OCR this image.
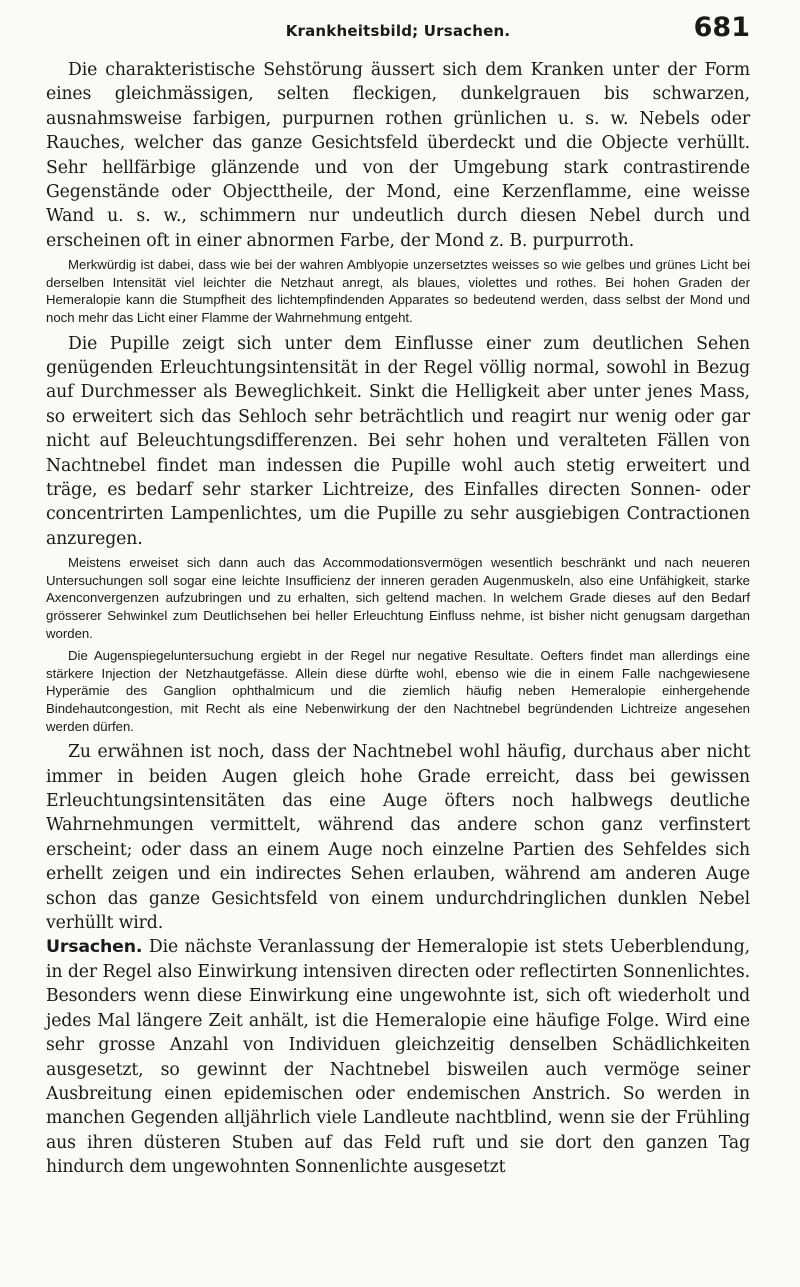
Krankheitsbild; Ursachen.	681

Die charakteristische Sehstörung äussert sich dem Kranken unter der Form eines gleichmässigen, selten fleckigen, dunkelgrauen bis schwarzen, ausnahmsweise farbigen, purpurnen rothen grünlichen u. s. w. Nebels oder Rauches, welcher das ganze Gesichtsfeld überdeckt und die Objecte verhüllt. Sehr hellfärbige glänzende und von der Umgebung stark contrastirende Gegenstände oder Objecttheile, der Mond, eine Kerzenflamme, eine weisse Wand u. s. w., schimmern nur undeutlich durch diesen Nebel durch und erscheinen oft in einer abnormen Farbe, der Mond z. B. purpurroth.

Merkwürdig ist dabei, dass wie bei der wahren Amblyopie unzersetztes weisses so wie gelbes und grünes Licht bei derselben Intensität viel leichter die Netzhaut anregt, als blaues, violettes und rothes. Bei hohen Graden der Hemeralopie kann die Stumpfheit des lichtempfindenden Apparates so bedeutend werden, dass selbst der Mond und noch mehr das Licht einer Flamme der Wahrnehmung entgeht.

Die Pupille zeigt sich unter dem Einflusse einer zum deutlichen Sehen genügenden Erleuchtungsintensität in der Regel völlig normal, sowohl in Bezug auf Durchmesser als Beweglichkeit. Sinkt die Helligkeit aber unter jenes Mass, so erweitert sich das Sehloch sehr beträchtlich und reagirt nur wenig oder gar nicht auf Beleuchtungsdifferenzen. Bei sehr hohen und veralteten Fällen von Nachtnebel findet man indessen die Pupille wohl auch stetig erweitert und träge, es bedarf sehr starker Lichtreize, des Einfalles directen Sonnen- oder concentrirten Lampenlichtes, um die Pupille zu sehr ausgiebigen Contractionen anzuregen.

Meistens erweiset sich dann auch das Accommodationsvermögen wesentlich beschränkt und nach neueren Untersuchungen soll sogar eine leichte Insufficienz der inneren geraden Augenmuskeln, also eine Unfähigkeit, starke Axenconvergenzen aufzubringen und zu erhalten, sich geltend machen. In welchem Grade dieses auf den Bedarf grösserer Sehwinkel zum Deutlichsehen bei heller Erleuchtung Einfluss nehme, ist bisher nicht genugsam dargethan worden.

Die Augenspiegeluntersuchung ergiebt in der Regel nur negative Resultate. Oefters findet man allerdings eine stärkere Injection der Netzhautgefässe. Allein diese dürfte wohl, ebenso wie die in einem Falle nachgewiesene Hyperämie des Ganglion ophthalmicum und die ziemlich häufig neben Hemeralopie einhergehende Bindehautcongestion, mit Recht als eine Nebenwirkung der den Nachtnebel begründenden Lichtreize angesehen werden dürfen.

Zu erwähnen ist noch, dass der Nachtnebel wohl häufig, durchaus aber nicht immer in beiden Augen gleich hohe Grade erreicht, dass bei gewissen Erleuchtungsintensitäten das eine Auge öfters noch halbwegs deutliche Wahrnehmungen vermittelt, während das andere schon ganz verfinstert erscheint; oder dass an einem Auge noch einzelne Partien des Sehfeldes sich erhellt zeigen und ein indirectes Sehen erlauben, während am anderen Auge schon das ganze Gesichtsfeld von einem undurchdringlichen dunklen Nebel verhüllt wird.

Ursachen. Die nächste Veranlassung der Hemeralopie ist stets Ueberblendung, in der Regel also Einwirkung intensiven directen oder reflectirten Sonnenlichtes. Besonders wenn diese Einwirkung eine ungewohnte ist, sich oft wiederholt und jedes Mal längere Zeit anhält, ist die Hemeralopie eine häufige Folge. Wird eine sehr grosse Anzahl von Individuen gleichzeitig denselben Schädlichkeiten ausgesetzt, so gewinnt der Nachtnebel bisweilen auch vermöge seiner Ausbreitung einen epidemischen oder endemischen Anstrich. So werden in manchen Gegenden alljährlich viele Landleute nachtblind, wenn sie der Frühling aus ihren düsteren Stuben auf das Feld ruft und sie dort den ganzen Tag hindurch dem ungewohnten Sonnenlichte ausgesetzt
